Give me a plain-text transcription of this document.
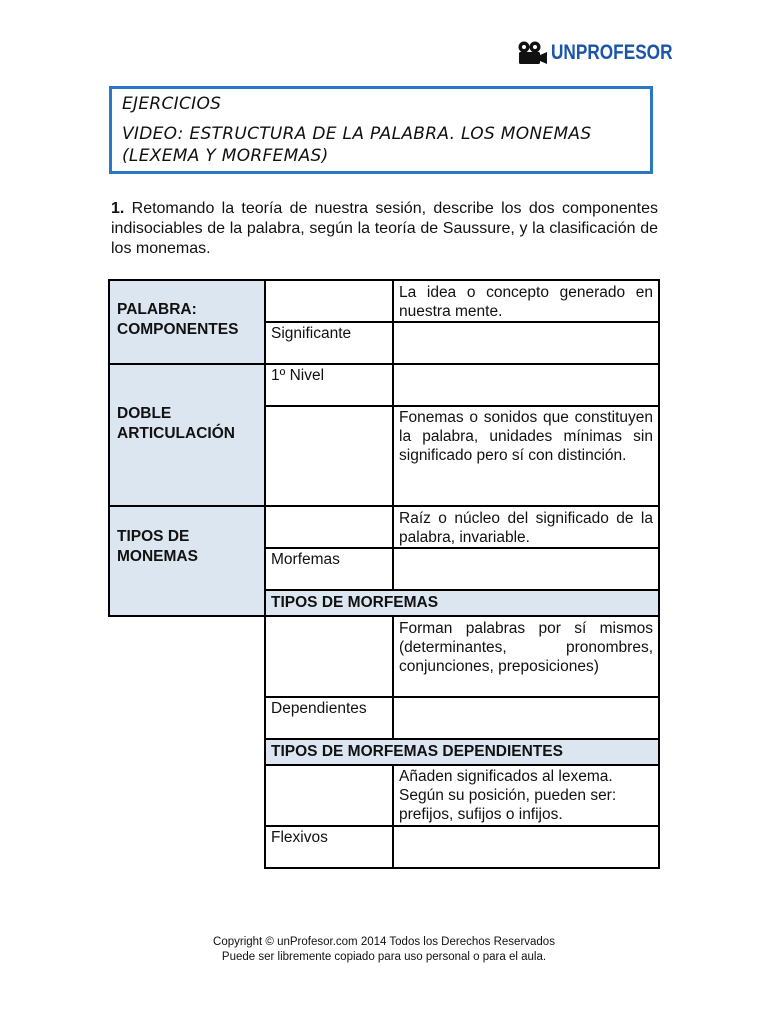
UNPROFESOR
EJERCICIOS
VIDEO: ESTRUCTURA DE LA PALABRA. LOS MONEMAS
(LEXEMA Y MORFEMAS)
1. Retomando la teoría de nuestra sesión, describe los dos componentes indisociables de la palabra, según la teoría de Saussure, y la clasificación de los monemas.
PALABRA:
COMPONENTES
DOBLE
ARTICULACIÓN
TIPOS DE
MONEMAS
TIPOS DE MORFEMAS
TIPOS DE MORFEMAS DEPENDIENTES
Significante
1º Nivel
Morfemas
Dependientes
Flexivos
La idea o concepto generado en nuestra mente.
Fonemas o sonidos que constituyen la palabra, unidades mínimas sin significado pero sí con distinción.
Raíz o núcleo del significado de la palabra, invariable.
Forman palabras por sí mismos (determinantes, pronombres, conjunciones, preposiciones)
Añaden significados al lexema. Según su posición, pueden ser: prefijos, sufijos o infijos.
Copyright © unProfesor.com 2014 Todos los Derechos Reservados
Puede ser libremente copiado para uso personal o para el aula.
